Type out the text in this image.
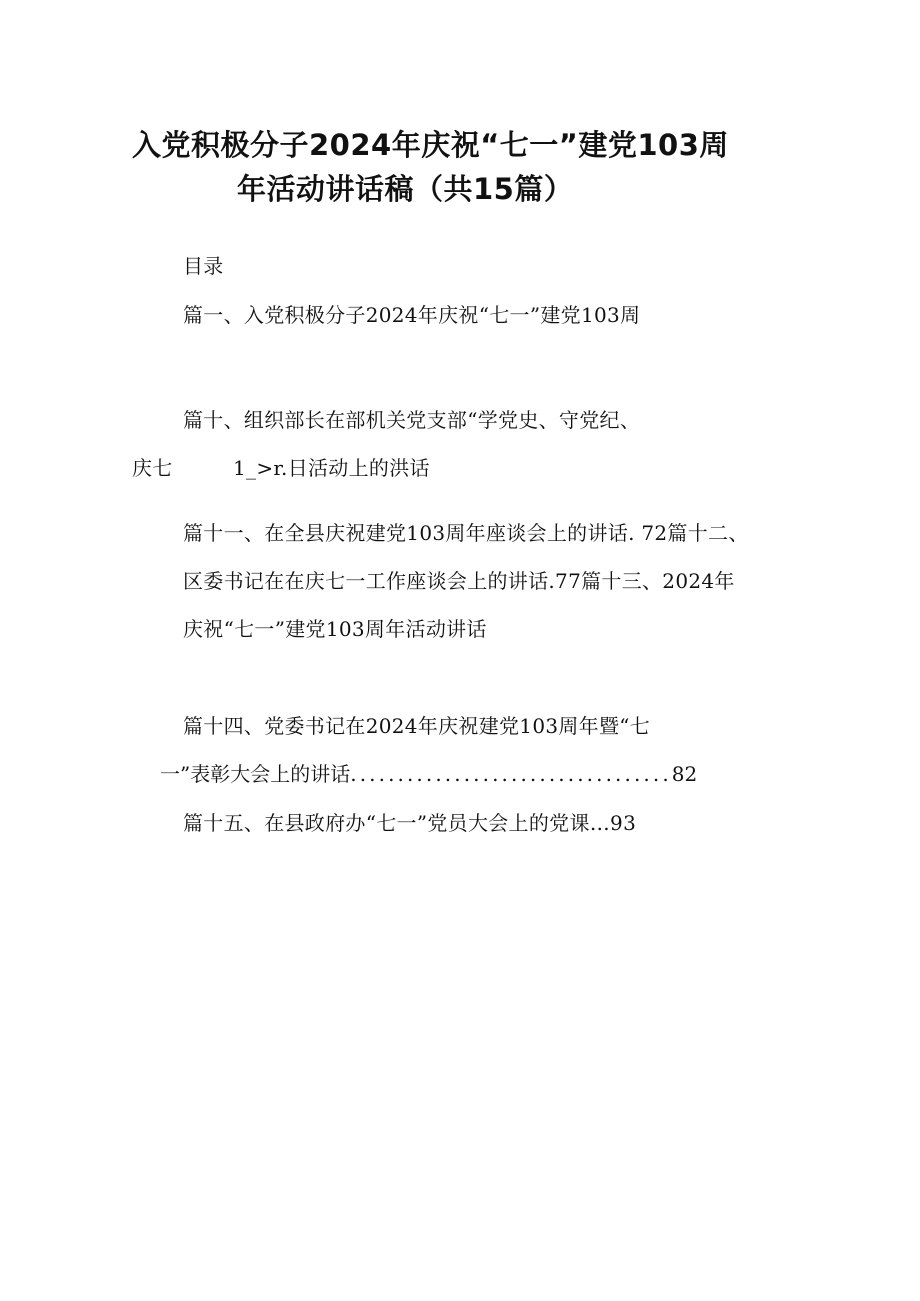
入党积极分子2024年庆祝“七一”建党103周
年活动讲话稿（共15篇）
目录
篇一、入党积极分子2024年庆祝“七一”建党103周
篇十、组织部长在部机关党支部“学党史、守党纪、
庆七	1_>r.日活动上的洪话
篇十一、在全县庆祝建党103周年座谈会上的讲话. 72篇十二、
区委书记在在庆七一工作座谈会上的讲话.77篇十三、2024年
庆祝“七一”建党103周年活动讲话
篇十四、党委书记在2024年庆祝建党103周年暨“七
一”表彰大会上的讲话 .................................. 82
篇十五、在县政府办“七一”党员大会上的党课…93
